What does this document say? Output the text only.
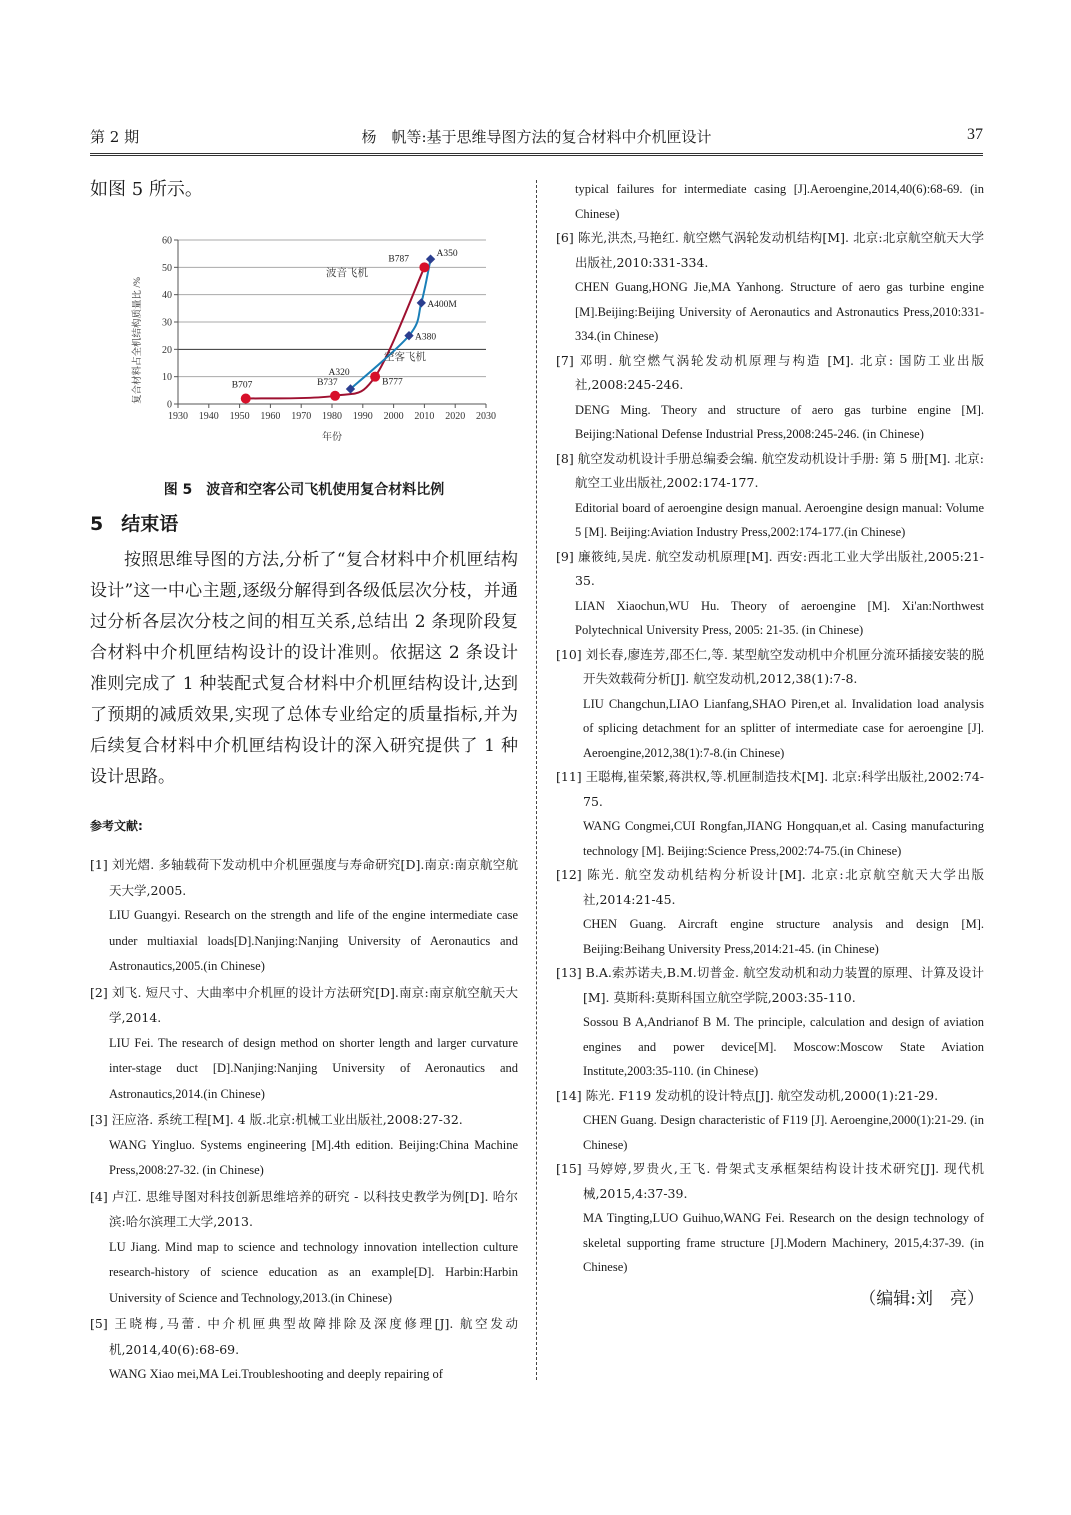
第 2 期	杨　帆等:基于思维导图方法的复合材料中介机匣设计	37

如图 5 所示。

0
10
20
30
40
50
60
1930 1940 1950 1960 1970 1980 1990 2000 2010 2020 2030
B707	B737	B777
B787
A320
A380
A400M
A350
波音飞机
空客飞机
年份
复合材料占全机结构质量比 /%
图 5　波音和空客公司飞机使用复合材料比例
5 结束语

按照思维导图的方法,分析了“复合材料中介机匣结构设计”这一中心主题,逐级分解得到各级低层次分枝，并通过分析各层次分枝之间的相互关系,总结出 2 条现阶段复合材料中介机匣结构设计的设计准则。依据这 2 条设计准则完成了 1 种装配式复合材料中介机匣结构设计,达到了预期的减质效果,实现了总体专业给定的质量指标,并为后续复合材料中介机匣结构设计的深入研究提供了 1 种设计思路。

参考文献:
[1] 刘光熠. 多轴载荷下发动机中介机匣强度与寿命研究[D].南京:南京航空航天大学,2005.
LIU Guangyi. Research on the strength and life of the engine intermediate case under multiaxial loads[D].Nanjing:Nanjing University of Aeronautics and Astronautics,2005.(in Chinese)
[2] 刘飞. 短尺寸、大曲率中介机匣的设计方法研究[D].南京:南京航空航天大学,2014.
LIU Fei. The research of design method on shorter length and larger curvature inter-stage duct [D].Nanjing:Nanjing University of Aeronautics and Astronautics,2014.(in Chinese)
[3] 汪应洛. 系统工程[M]. 4 版.北京:机械工业出版社,2008:27-32.
WANG Yingluo. Systems engineering [M].4th edition. Beijing:China Machine Press,2008:27-32. (in Chinese)
[4] 卢江. 思维导图对科技创新思维培养的研究 - 以科技史教学为例[D]. 哈尔滨:哈尔滨理工大学,2013.
LU Jiang. Mind map to science and technology innovation intellection culture research-history of science education as an example[D]. Harbin:Harbin University of Science and Technology,2013.(in Chinese)
[5] 王晓梅,马蕾. 中介机匣典型故障排除及深度修理[J]. 航空发动机,2014,40(6):68-69.
WANG Xiao mei,MA Lei.Troubleshooting and deeply repairing of

typical failures for intermediate casing [J].Aeroengine,2014,40(6):68-69. (in Chinese)

[6] 陈光,洪杰,马艳红. 航空燃气涡轮发动机结构[M]. 北京:北京航空航天大学出版社,2010:331-334.
CHEN Guang,HONG Jie,MA Yanhong. Structure of aero gas turbine engine [M].Beijing:Beijing University of Aeronautics and Astronautics Press,2010:331-334.(in Chinese)
[7] 邓明. 航空燃气涡轮发动机原理与构造 [M]. 北京: 国防工业出版社,2008:245-246.
DENG Ming. Theory and structure of aero gas turbine engine [M]. Beijing:National Defense Industrial Press,2008:245-246. (in Chinese)
[8] 航空发动机设计手册总编委会编. 航空发动机设计手册: 第 5 册[M]. 北京:航空工业出版社,2002:174-177.
Editorial board of aeroengine design manual. Aeroengine design manual: Volume 5 [M]. Beijing:Aviation Industry Press,2002:174-177.(in Chinese)
[9] 廉筱纯,吴虎. 航空发动机原理[M]. 西安:西北工业大学出版社,2005:21-35.
LIAN Xiaochun,WU Hu. Theory of aeroengine [M]. Xi'an:Northwest Polytechnical University Press, 2005: 21-35. (in Chinese)
[10] 刘长春,廖连芳,邵丕仁,等. 某型航空发动机中介机匣分流环插接安装的脱开失效载荷分析[J]. 航空发动机,2012,38(1):7-8.
LIU Changchun,LIAO Lianfang,SHAO Piren,et al. Invalidation load analysis of splicing detachment for an splitter of intermediate case for aeroengine [J]. Aeroengine,2012,38(1):7-8.(in Chinese)
[11] 王聪梅,崔荣繁,蒋洪权,等.机匣制造技术[M]. 北京:科学出版社,2002:74-75.
WANG Congmei,CUI Rongfan,JIANG Hongquan,et al. Casing manufacturing technology [M]. Beijing:Science Press,2002:74-75.(in Chinese)
[12] 陈光. 航空发动机结构分析设计[M]. 北京:北京航空航天大学出版社,2014:21-45.
CHEN Guang. Aircraft engine structure analysis and design [M]. Beijing:Beihang University Press,2014:21-45. (in Chinese)
[13] B.A.索苏诺夫,B.M.切普金. 航空发动机和动力装置的原理、计算及设计[M]. 莫斯科:莫斯科国立航空学院,2003:35-110.
Sossou B A,Andrianof B M. The principle, calculation and design of aviation engines and power device[M]. Moscow:Moscow State Aviation Institute,2003:35-110. (in Chinese)
[14] 陈光. F119 发动机的设计特点[J]. 航空发动机,2000(1):21-29.
CHEN Guang. Design characteristic of F119 [J]. Aeroengine,2000(1):21-29. (in Chinese)
[15] 马婷婷,罗贵火,王飞. 骨架式支承框架结构设计技术研究[J]. 现代机械,2015,4:37-39.
MA Tingting,LUO Guihuo,WANG Fei. Research on the design technology of skeletal supporting frame structure [J].Modern Machinery, 2015,4:37-39. (in Chinese)
（编辑:刘　亮）
